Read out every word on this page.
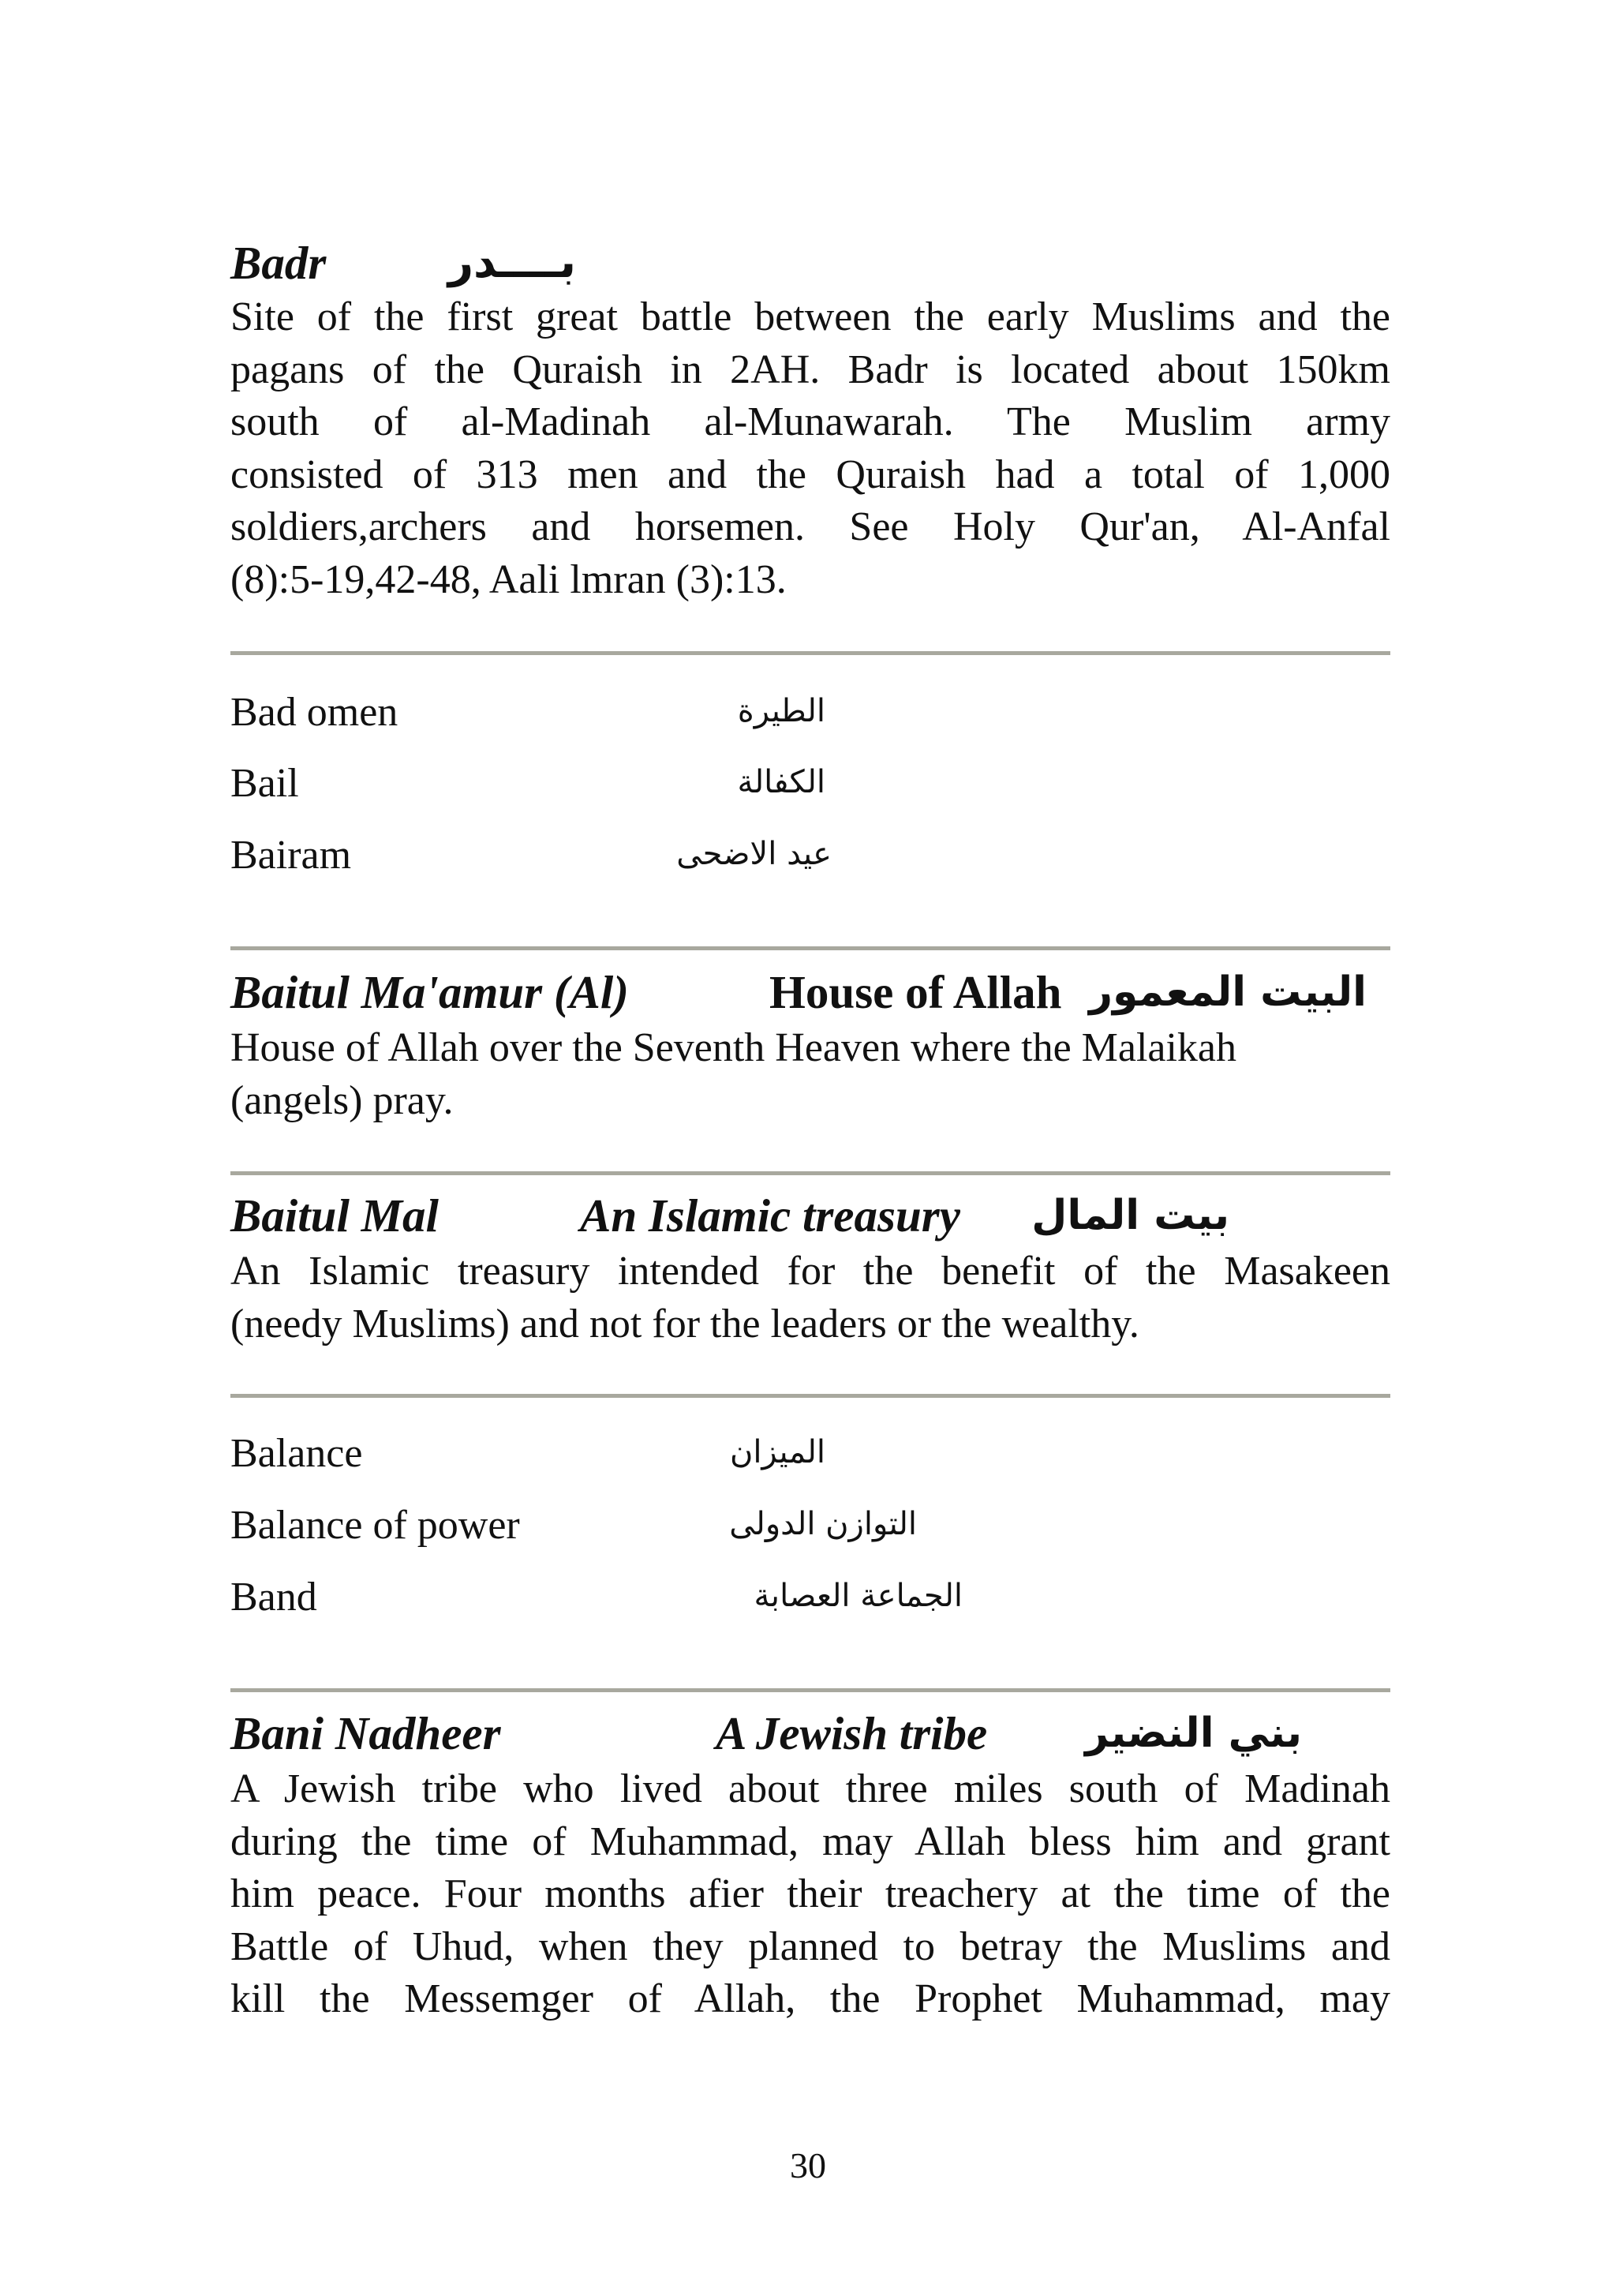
Badr	بــــدر
Site of the first great battle between the early Muslims and the
pagans of the Quraish in 2AH. Badr is located about 150km
south of al-Madinah al-Munawarah. The Muslim army
consisted of 313 men and the Quraish had a total of 1,000
soldiers,archers and horsemen. See Holy Qur'an, Al-Anfal
(8):5-19,42-48, Aali lmran (3):13.
Bad omen	الطيرة
Bail	الكفالة
Bairam	عيد الاضحى
Baitul Ma'amur (Al)	House of Allah البيت المعمور
House of Allah over the Seventh Heaven where the Malaikah
(angels) pray.
Baitul Mal	An Islamic treasury بيت المال
An Islamic treasury intended for the benefit of the Masakeen
(needy Muslims) and not for the leaders or the wealthy.
Balance	الميزان
Balance of power	التوازن الدولى
Band	الجماعة العصابة
Bani Nadheer	A Jewish tribe بني النضير
A Jewish tribe who lived about three miles south of Madinah
during the time of Muhammad, may Allah bless him and grant
him peace. Four months afier their treachery at the time of the
Battle of Uhud, when they planned to betray the Muslims and
kill the Messemger of Allah, the Prophet Muhammad, may
30
